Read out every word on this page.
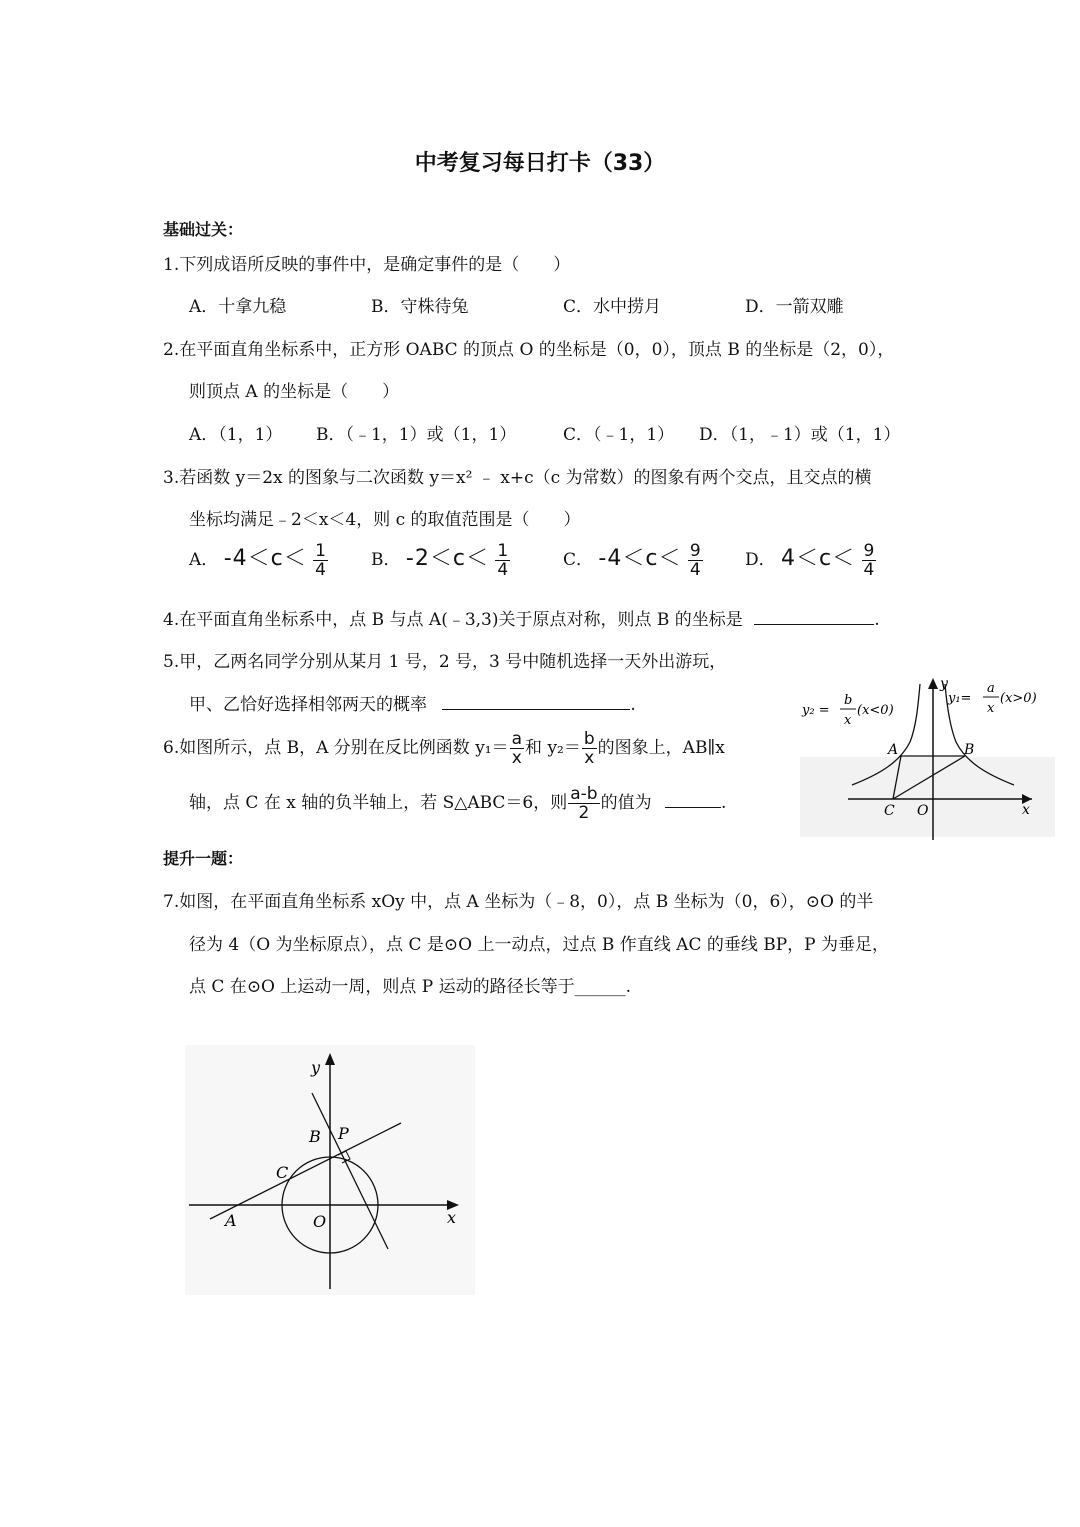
中考复习每日打卡（33）
基础过关：
1.下列成语所反映的事件中，是确定事件的是（　　）
A．十拿九稳	B．守株待兔	C．水中捞月	D．一箭双雕
2.在平面直角坐标系中，正方形 OABC 的顶点 O 的坐标是（0，0），顶点 B 的坐标是（2，0），
则顶点 A 的坐标是（　　）
A．（1，1） B．（﹣1，1）或（1，1）	C．（﹣1，1） D．（1，﹣1）或（1，1）
3.若函数 y＝2x 的图象与二次函数 y＝x² ﹣ x+c（c 为常数）的图象有两个交点，且交点的横
坐标均满足﹣2＜x＜4，则 c 的取值范围是（　　）
A． $-4<c< \frac{1}{4}$	B． $-2<c< \frac{1}{4}$	C． $-4<c< \frac{9}{4}$ D． $4<c< \frac{9}{4}$
4.在平面直角坐标系中，点 B 与点 A(﹣3,3)关于原点对称，则点 B 的坐标是	.
5.甲，乙两名同学分别从某月 1 号，2 号，3 号中随机选择一天外出游玩，
甲、乙恰好选择相邻两天的概率	.
6.如图所示，点 B，A 分别在反比例函数 $y_1= \frac{a}{x}$ 和 $y_2= \frac{b}{x}$ 的图象上，AB∥x
轴，点 C 在 x 轴的负半轴上，若 S△ABC＝6，则 $\frac{a-b}{2}$ 的值为	.
y
x
A	B
C O
y₂ =
b
x
(x<0)
y₁=
a
x
(x>0)
提升一题：
7.如图，在平面直角坐标系 xOy 中，点 A 坐标为（﹣8，0），点 B 坐标为（0，6），⊙O 的半
径为 4（O 为坐标原点），点 C 是⊙O 上一动点，过点 B 作直线 AC 的垂线 BP，P 为垂足，
点 C 在⊙O 上运动一周，则点 P 运动的路径长等于______.
y
x
B P
C
A	O
